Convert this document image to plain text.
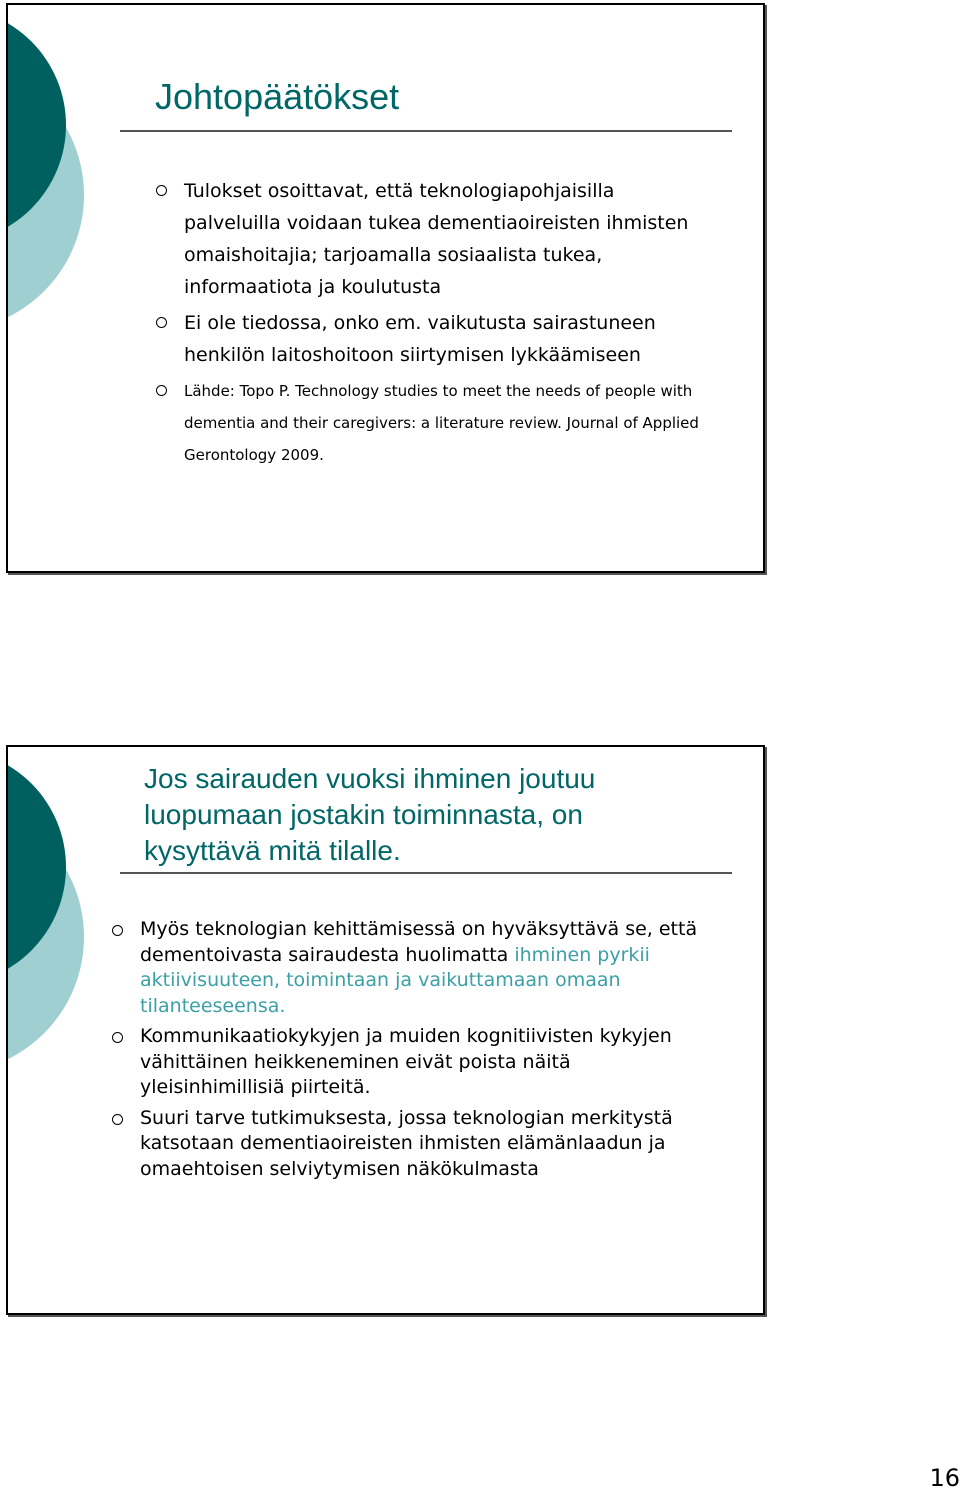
Johtopäätökset
Tulokset osoittavat, että teknologiapohjaisilla palveluilla voidaan tukea dementiaoireisten ihmisten omaishoitajia; tarjoamalla sosiaalista tukea, informaatiota ja koulutusta
Ei ole tiedossa, onko em. vaikutusta sairastuneen henkilön laitoshoitoon siirtymisen lykkäämiseen
Lähde: Topo P. Technology studies to meet the needs of people with dementia and their caregivers: a literature review. Journal of Applied Gerontology 2009.
Jos sairauden vuoksi ihminen joutuu luopumaan jostakin toiminnasta, on kysyttävä mitä tilalle.
Myös teknologian kehittämisessä on hyväksyttävä se, että dementoivasta sairaudesta huolimatta ihminen pyrkii aktiivisuuteen, toimintaan ja vaikuttamaan omaan tilanteeseensa.
Kommunikaatiokykyjen ja muiden kognitiivisten kykyjen vähittäinen heikkeneminen eivät poista näitä yleisinhimillisiä piirteitä.
Suuri tarve tutkimuksesta, jossa teknologian merkitystä katsotaan dementiaoireisten ihmisten elämänlaadun ja omaehtoisen selviytymisen näkökulmasta
16
